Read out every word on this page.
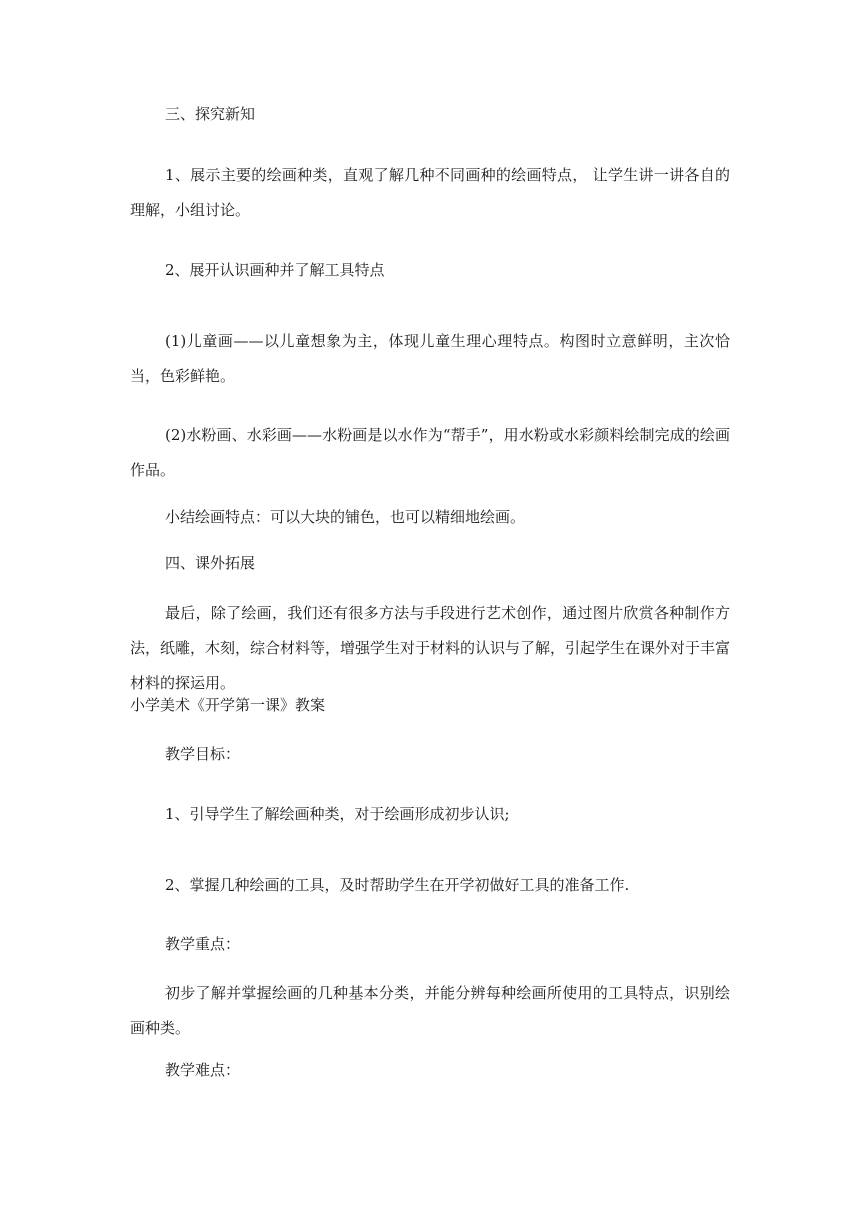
三、探究新知

1、展示主要的绘画种类，直观了解几种不同画种的绘画特点， 让学生讲一讲各自的理解，小组讨论。

2、展开认识画种并了解工具特点

(1)儿童画——以儿童想象为主，体现儿童生理心理特点。构图时立意鲜明，主次恰当，色彩鲜艳。

(2)水粉画、水彩画——水粉画是以水作为“帮手”，用水粉或水彩颜料绘制完成的绘画作品。

小结绘画特点：可以大块的铺色，也可以精细地绘画。

四、课外拓展

最后，除了绘画，我们还有很多方法与手段进行艺术创作，通过图片欣赏各种制作方法，纸雕，木刻，综合材料等，增强学生对于材料的认识与了解，引起学生在课外对于丰富材料的探运用。

小学美术《开学第一课》教案

教学目标：

1、引导学生了解绘画种类，对于绘画形成初步认识;

2、掌握几种绘画的工具，及时帮助学生在开学初做好工具的准备工作.

教学重点：

初步了解并掌握绘画的几种基本分类，并能分辨每种绘画所使用的工具特点，识别绘画种类。

教学难点：
